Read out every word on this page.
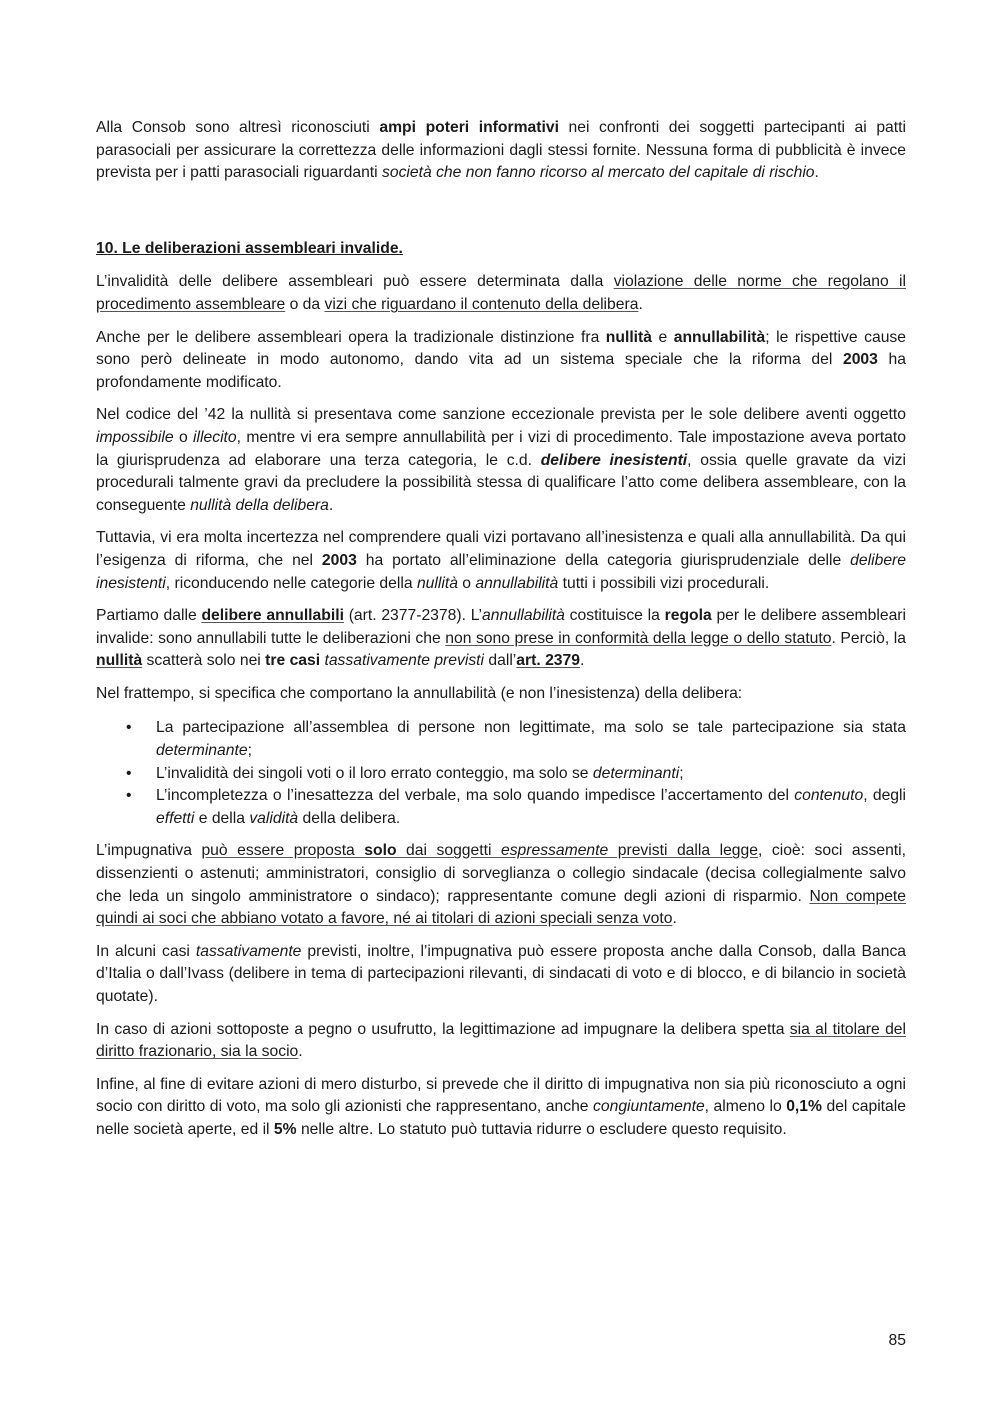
Alla Consob sono altresì riconosciuti ampi poteri informativi nei confronti dei soggetti partecipanti ai patti parasociali per assicurare la correttezza delle informazioni dagli stessi fornite. Nessuna forma di pubblicità è invece prevista per i patti parasociali riguardanti società che non fanno ricorso al mercato del capitale di rischio.

10. Le deliberazioni assembleari invalide.

L’invalidità delle delibere assembleari può essere determinata dalla violazione delle norme che regolano il procedimento assembleare o da vizi che riguardano il contenuto della delibera.

Anche per le delibere assembleari opera la tradizionale distinzione fra nullità e annullabilità; le rispettive cause sono però delineate in modo autonomo, dando vita ad un sistema speciale che la riforma del 2003 ha profondamente modificato.

Nel codice del ’42 la nullità si presentava come sanzione eccezionale prevista per le sole delibere aventi oggetto impossibile o illecito, mentre vi era sempre annullabilità per i vizi di procedimento. Tale impostazione aveva portato la giurisprudenza ad elaborare una terza categoria, le c.d. delibere inesistenti, ossia quelle gravate da vizi procedurali talmente gravi da precludere la possibilità stessa di qualificare l’atto come delibera assembleare, con la conseguente nullità della delibera.

Tuttavia, vi era molta incertezza nel comprendere quali vizi portavano all’inesistenza e quali alla annullabilità. Da qui l’esigenza di riforma, che nel 2003 ha portato all’eliminazione della categoria giurisprudenziale delle delibere inesistenti, riconducendo nelle categorie della nullità o annullabilità tutti i possibili vizi procedurali.

Partiamo dalle delibere annullabili (art. 2377-2378). L’annullabilità costituisce la regola per le delibere assembleari invalide: sono annullabili tutte le deliberazioni che non sono prese in conformità della legge o dello statuto. Perciò, la nullità scatterà solo nei tre casi tassativamente previsti dall’art. 2379.

Nel frattempo, si specifica che comportano la annullabilità (e non l’inesistenza) della delibera:

• La partecipazione all’assemblea di persone non legittimate, ma solo se tale partecipazione sia stata determinante;
• L’invalidità dei singoli voti o il loro errato conteggio, ma solo se determinanti;
• L’incompletezza o l’inesattezza del verbale, ma solo quando impedisce l’accertamento del contenuto, degli effetti e della validità della delibera.

L’impugnativa può essere proposta solo dai soggetti espressamente previsti dalla legge, cioè: soci assenti, dissenzienti o astenuti; amministratori, consiglio di sorveglianza o collegio sindacale (decisa collegialmente salvo che leda un singolo amministratore o sindaco); rappresentante comune degli azioni di risparmio. Non compete quindi ai soci che abbiano votato a favore, né ai titolari di azioni speciali senza voto.

In alcuni casi tassativamente previsti, inoltre, l’impugnativa può essere proposta anche dalla Consob, dalla Banca d’Italia o dall’Ivass (delibere in tema di partecipazioni rilevanti, di sindacati di voto e di blocco, e di bilancio in società quotate).

In caso di azioni sottoposte a pegno o usufrutto, la legittimazione ad impugnare la delibera spetta sia al titolare del diritto frazionario, sia la socio.

Infine, al fine di evitare azioni di mero disturbo, si prevede che il diritto di impugnativa non sia più riconosciuto a ogni socio con diritto di voto, ma solo gli azionisti che rappresentano, anche congiuntamente, almeno lo 0,1% del capitale nelle società aperte, ed il 5% nelle altre. Lo statuto può tuttavia ridurre o escludere questo requisito.

85
